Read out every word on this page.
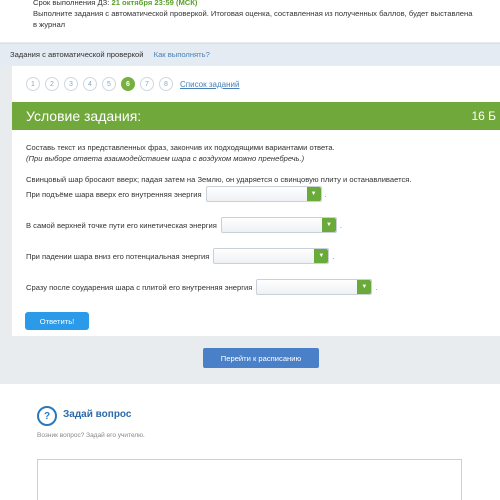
Срок выполнения ДЗ: 21 октября 23:59 (МСК)
Выполните задания с автоматической проверкой. Итоговая оценка, составленная из полученных баллов, будет выставлена
в журнал
Задания с автоматической проверкой Как выполнять?
1	2	3	4	5	6	7	8	Список заданий
Условие задания:	16 Б
Составь текст из представленных фраз, закончив их подходящими вариантами ответа.
(При выборе ответа взаимодействием шара с воздухом можно пренебречь.)
Свинцовый шар бросают вверх; падая затем на Землю, он ударяется о свинцовую плиту и останавливается.
При подъёме шара вверх его внутренняя энергия	▼	.
В самой верхней точке пути его кинетическая энергия	▼	.
При падении шара вниз его потенциальная энергия	▼	.
Сразу после соударения шара с плитой его внутренняя энергия	▼	.
Ответить!
Перейти к расписанию
?	Задай вопрос
Возник вопрос? Задай его учителю.
